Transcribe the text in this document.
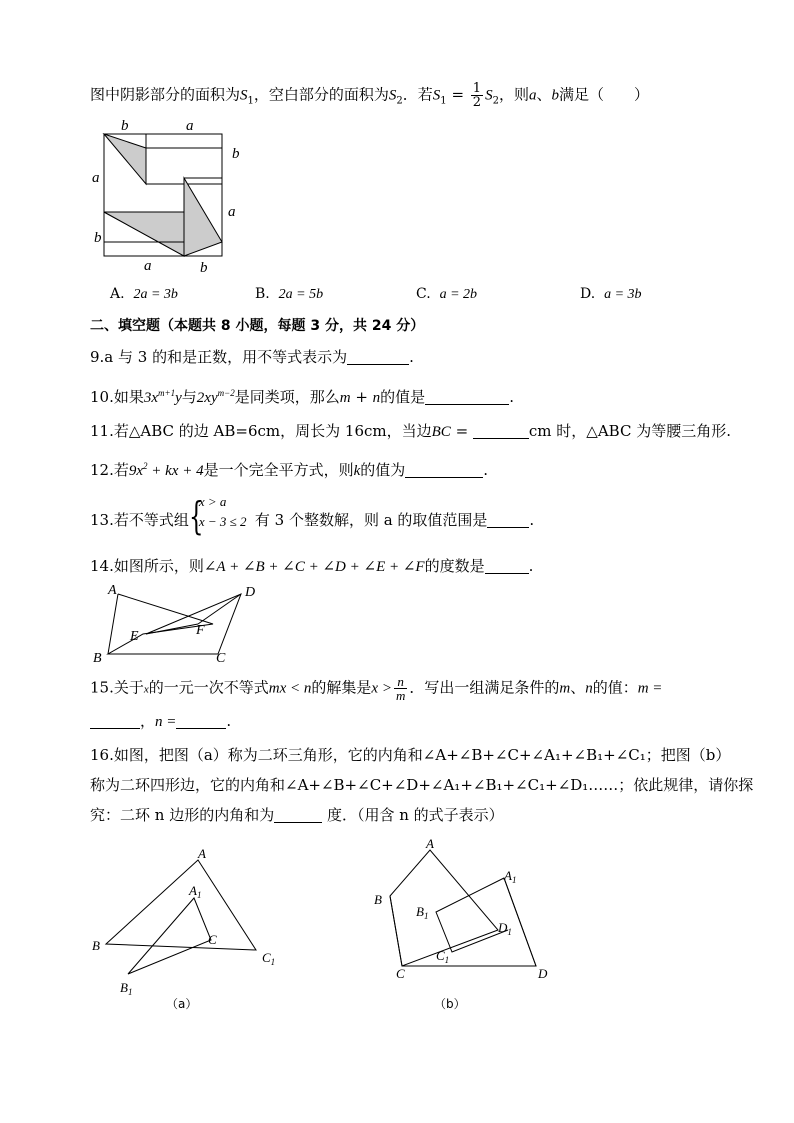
图中阴影部分的面积为$S_1$，空白部分的面积为$S_2$．若$S_1 = \frac{1}{2} S_2$，则a、b满足（　　）
b	a
b
a
a
b
a	b
A. 2a = 3b	B. 2a = 5b	C. a = 2b	D. a = 3b
二、填空题（本题共 8 小题，每题 3 分，共 24 分）
9.a 与 3 的和是正数，用不等式表示为	.
10.如果$3x^{m+1}y$与$2xy^{m-2}$是同类项，那么m + n的值是	.
11.若△ABC 的边 AB=6cm，周长为 16cm，当边BC =	cm 时，△ABC 为等腰三角形.
12.若$9x^2$ + kx + 4是一个完全平方式，则k的值为	.
13.若不等式组 {
x > a
x − 3 ≤ 2 有 3 个整数解，则 a 的取值范围是	.
14.如图所示，则∠A + ∠B + ∠C + ∠D + ∠E + ∠F的度数是	.
A
B	C
D
E	F
15.关于x的一元一次不等式mx < n的解集是$x > \frac{n}{m}$ ．写出一组满足条件的m、n的值：m =
，n =	.
16.如图，把图（a）称为二环三角形，它的内角和∠A+∠B+∠C+∠A₁+∠B₁+∠C₁；把图（b）
称为二环四形边，它的内角和∠A+∠B+∠C+∠D+∠A₁+∠B₁+∠C₁+∠D₁……；依此规律，请你探
究：二环 n 边形的内角和为	度．（用含 n 的式子表示）
A
$A_1$
B
$B_1$
C
$C_1$
（a）
A
$A_1$
B
$B_1$
C
$C_1$
D
$D_1$
（b）
